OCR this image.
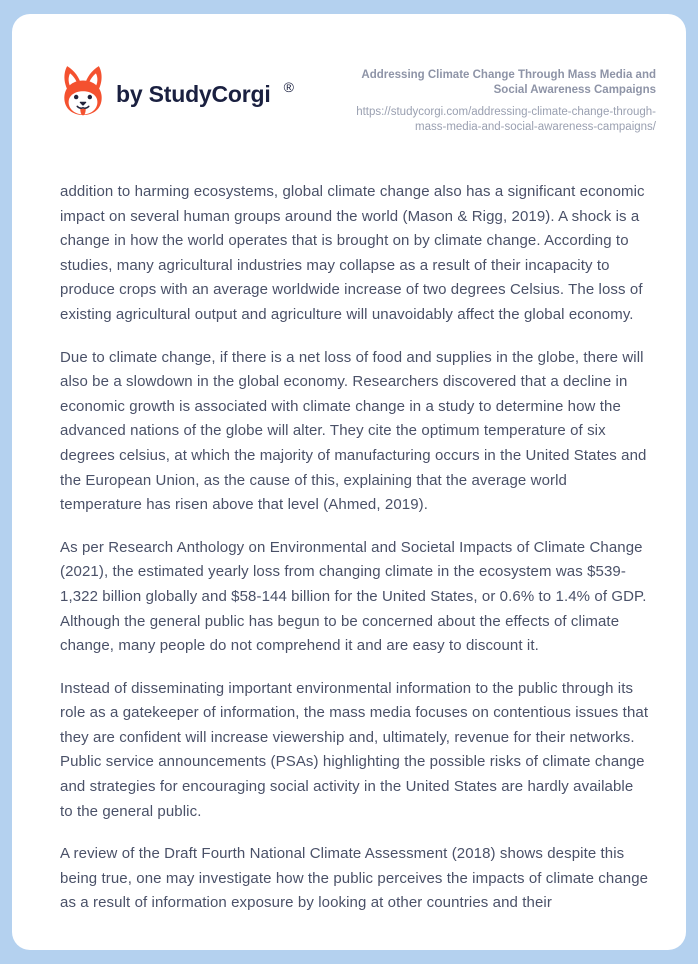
by StudyCorgi ®
Addressing Climate Change Through Mass Media and Social Awareness Campaigns
https://studycorgi.com/addressing-climate-change-through-mass-media-and-social-awareness-campaigns/

addition to harming ecosystems, global climate change also has a significant economic impact on several human groups around the world (Mason & Rigg, 2019). A shock is a change in how the world operates that is brought on by climate change. According to studies, many agricultural industries may collapse as a result of their incapacity to produce crops with an average worldwide increase of two degrees Celsius. The loss of existing agricultural output and agriculture will unavoidably affect the global economy.

Due to climate change, if there is a net loss of food and supplies in the globe, there will also be a slowdown in the global economy. Researchers discovered that a decline in economic growth is associated with climate change in a study to determine how the advanced nations of the globe will alter. They cite the optimum temperature of six degrees celsius, at which the majority of manufacturing occurs in the United States and the European Union, as the cause of this, explaining that the average world temperature has risen above that level (Ahmed, 2019).

As per Research Anthology on Environmental and Societal Impacts of Climate Change (2021), the estimated yearly loss from changing climate in the ecosystem was $539-1,322 billion globally and $58-144 billion for the United States, or 0.6% to 1.4% of GDP. Although the general public has begun to be concerned about the effects of climate change, many people do not comprehend it and are easy to discount it.

Instead of disseminating important environmental information to the public through its role as a gatekeeper of information, the mass media focuses on contentious issues that they are confident will increase viewership and, ultimately, revenue for their networks. Public service announcements (PSAs) highlighting the possible risks of climate change and strategies for encouraging social activity in the United States are hardly available to the general public.

A review of the Draft Fourth National Climate Assessment (2018) shows despite this being true, one may investigate how the public perceives the impacts of climate change as a result of information exposure by looking at other countries and their
